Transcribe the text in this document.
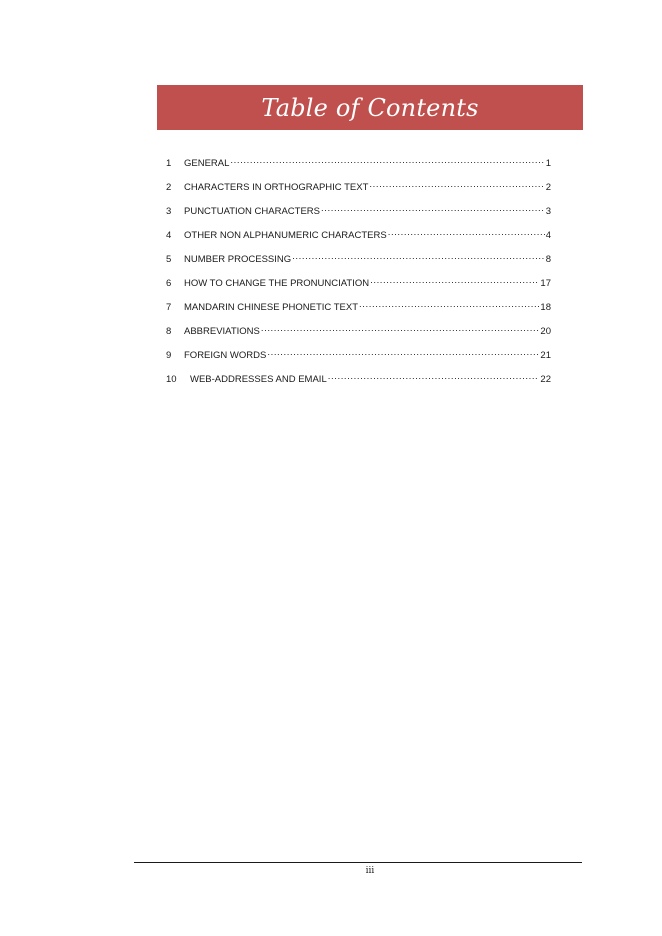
Table of Contents
1	GENERAL .....	1
2	CHARACTERS IN ORTHOGRAPHIC TEXT .....	2
3	PUNCTUATION CHARACTERS .....	3
4	OTHER NON ALPHANUMERIC CHARACTERS .....	4
5	NUMBER PROCESSING .....	8
6	HOW TO CHANGE THE PRONUNCIATION .....	17
7	MANDARIN CHINESE PHONETIC TEXT .....	18
8	ABBREVIATIONS .....	20
9	FOREIGN WORDS .....	21
10	WEB-ADDRESSES AND EMAIL .....	22
iii
